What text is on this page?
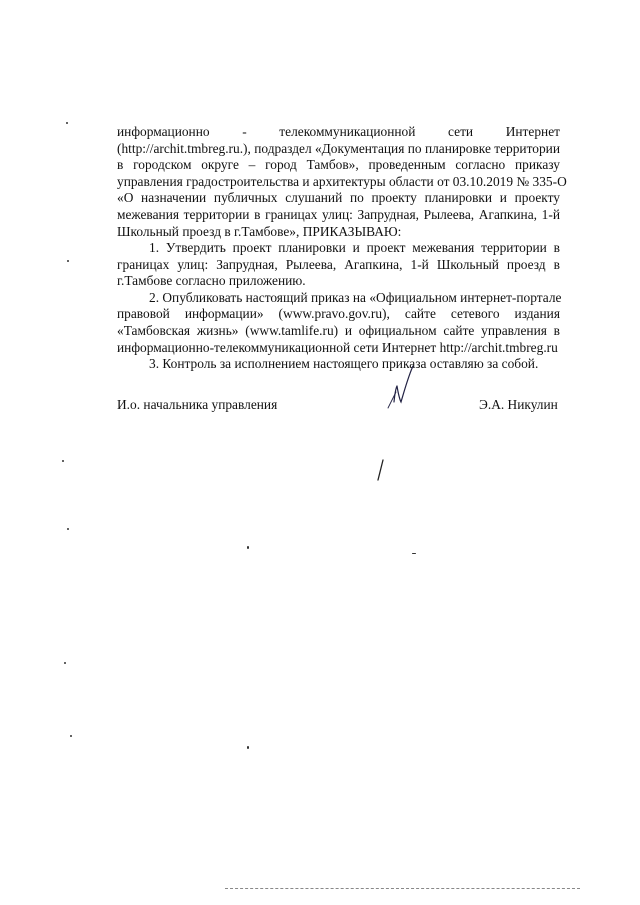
информационно - телекоммуникационной сети Интернет
(http://archit.tmbreg.ru.), подраздел «Документация по планировке территории
в городском округе – город Тамбов», проведенным согласно приказу
управления градостроительства и архитектуры области от 03.10.2019 № 335-О
«О назначении публичных слушаний по проекту планировки и проекту
межевания территории в границах улиц: Запрудная, Рылеева, Агапкина, 1-й
Школьный проезд в г.Тамбове», ПРИКАЗЫВАЮ:
1. Утвердить проект планировки и проект межевания территории в
границах улиц: Запрудная, Рылеева, Агапкина, 1-й Школьный проезд в
г.Тамбове согласно приложению.
2. Опубликовать настоящий приказ на «Официальном интернет-портале
правовой информации» (www.pravo.gov.ru), сайте сетевого издания
«Тамбовская жизнь» (www.tamlife.ru) и официальном сайте управления в
информационно-телекоммуникационной сети Интернет http://archit.tmbreg.ru
3. Контроль за исполнением настоящего приказа оставляю за собой.
И.о. начальника управления	Э.А. Никулин
